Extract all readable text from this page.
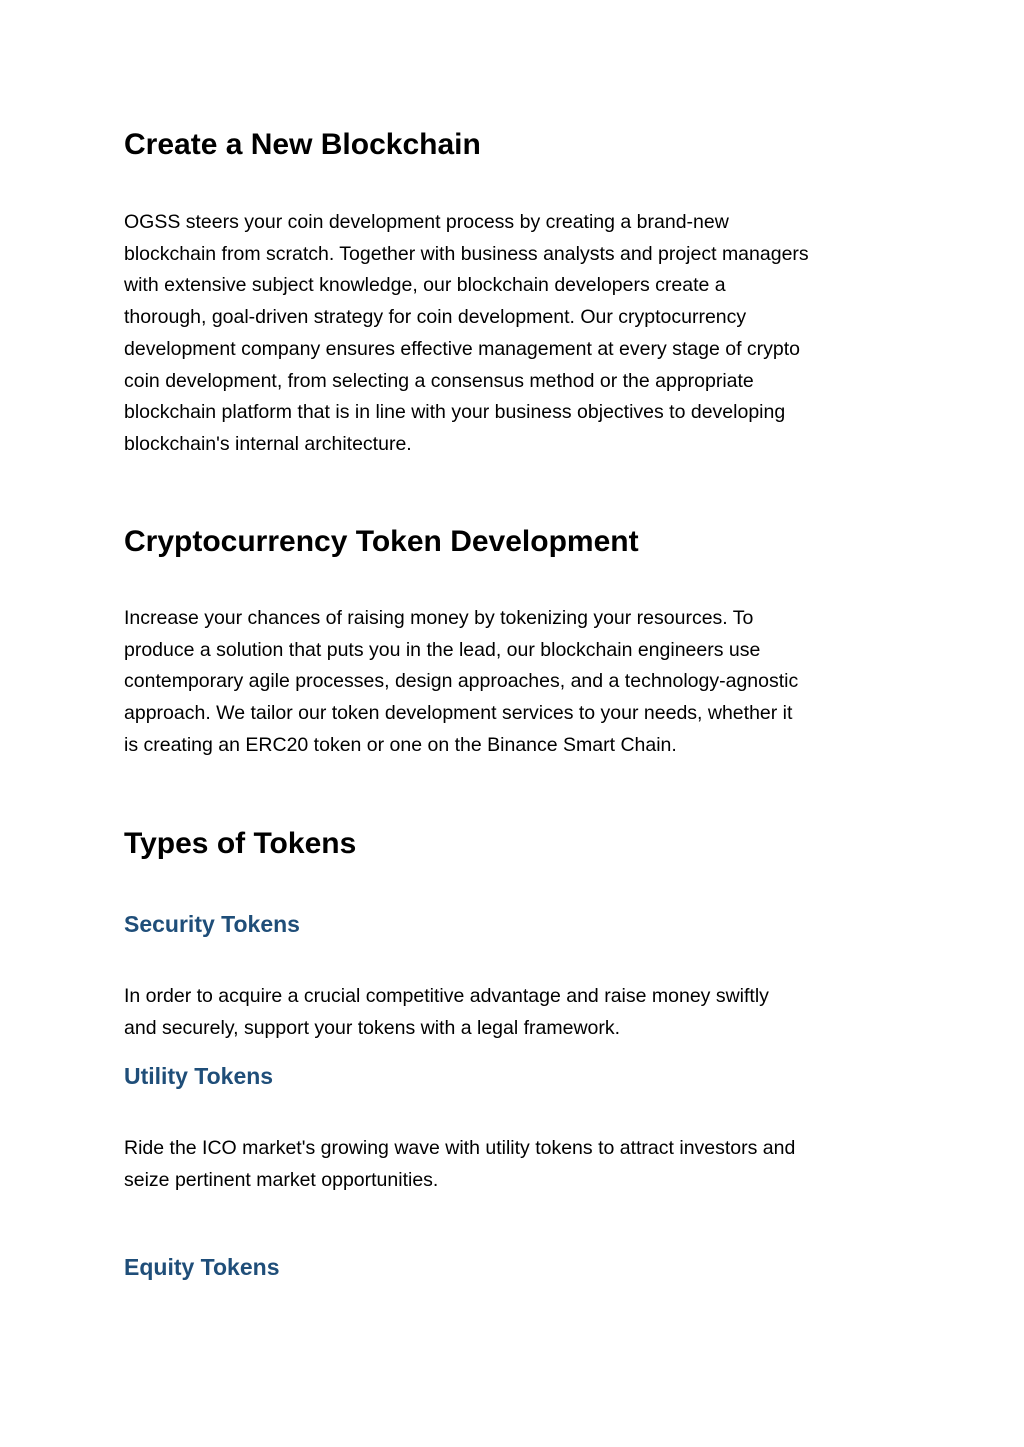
Create a New Blockchain
OGSS steers your coin development process by creating a brand-new
blockchain from scratch. Together with business analysts and project managers
with extensive subject knowledge, our blockchain developers create a
thorough, goal-driven strategy for coin development. Our cryptocurrency
development company ensures effective management at every stage of crypto
coin development, from selecting a consensus method or the appropriate
blockchain platform that is in line with your business objectives to developing
blockchain's internal architecture.
Cryptocurrency Token Development
Increase your chances of raising money by tokenizing your resources. To
produce a solution that puts you in the lead, our blockchain engineers use
contemporary agile processes, design approaches, and a technology-agnostic
approach. We tailor our token development services to your needs, whether it
is creating an ERC20 token or one on the Binance Smart Chain.
Types of Tokens
Security Tokens
In order to acquire a crucial competitive advantage and raise money swiftly
and securely, support your tokens with a legal framework.
Utility Tokens
Ride the ICO market's growing wave with utility tokens to attract investors and
seize pertinent market opportunities.
Equity Tokens
